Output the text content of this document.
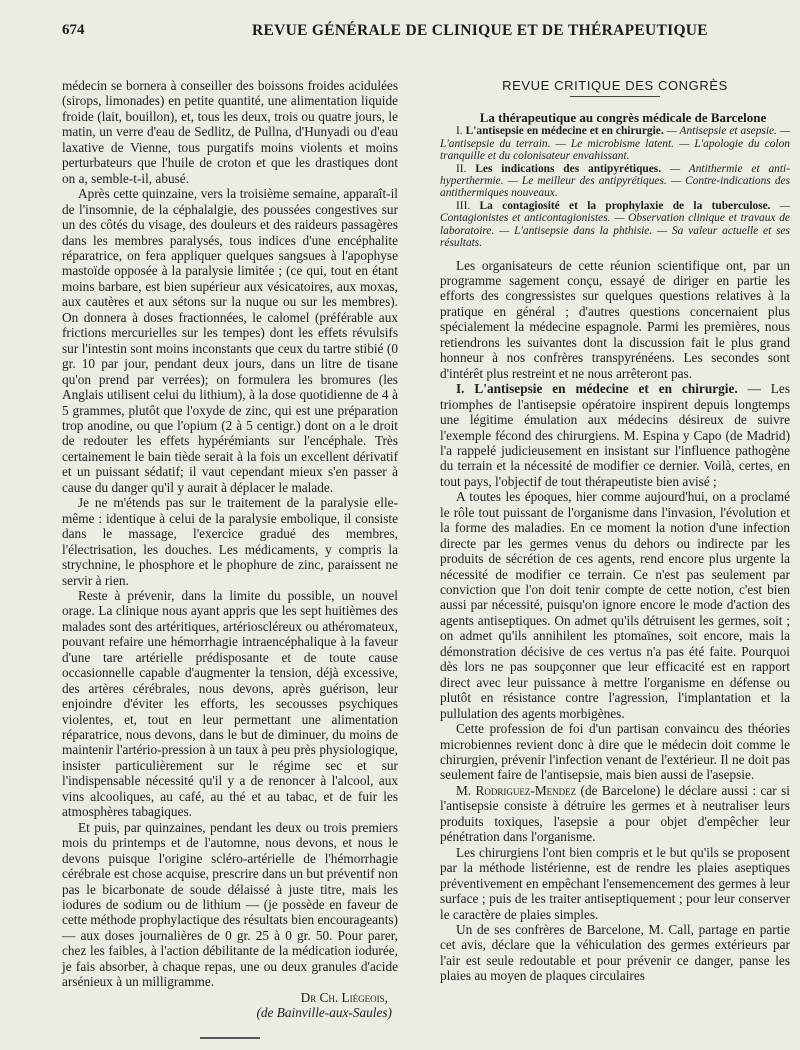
674	REVUE GÉNÉRALE DE CLINIQUE ET DE THÉRAPEUTIQUE

médecin se bornera à conseiller des boissons froides acidulées (sirops, limonades) en petite quantité, une alimentation liquide froide (lait, bouillon), et, tous les deux, trois ou quatre jours, le matin, un verre d'eau de Sedlitz, de Pullna, d'Hunyadi ou d'eau laxative de Vienne, tous purgatifs moins violents et moins perturbateurs que l'huile de croton et que les drastiques dont on a, semble-t-il, abusé.

Après cette quinzaine, vers la troisième semaine, apparaît-il de l'insomnie, de la céphalalgie, des poussées congestives sur un des côtés du visage, des douleurs et des raideurs passagères dans les membres paralysés, tous indices d'une encéphalite réparatrice, on fera appliquer quelques sangsues à l'apophyse mastoïde opposée à la paralysie limitée ; (ce qui, tout en étant moins barbare, est bien supérieur aux vésicatoires, aux moxas, aux cautères et aux sétons sur la nuque ou sur les membres). On donnera à doses fractionnées, le calomel (préférable aux frictions mercurielles sur les tempes) dont les effets révulsifs sur l'intestin sont moins inconstants que ceux du tartre stibié (0 gr. 10 par jour, pendant deux jours, dans un litre de tisane qu'on prend par verrées); on formulera les bromures (les Anglais utilisent celui du lithium), à la dose quotidienne de 4 à 5 grammes, plutôt que l'oxyde de zinc, qui est une préparation trop anodine, ou que l'opium (2 à 5 centigr.) dont on a le droit de redouter les effets hypérémiants sur l'encéphale. Très certainement le bain tiède serait à la fois un excellent dérivatif et un puissant sédatif; il vaut cependant mieux s'en passer à cause du danger qu'il y aurait à déplacer le malade.

Je ne m'étends pas sur le traitement de la paralysie elle-même : identique à celui de la paralysie embolique, il consiste dans le massage, l'exercice gradué des membres, l'électrisation, les douches. Les médicaments, y compris la strychnine, le phosphore et le phophure de zinc, paraissent ne servir à rien.

Reste à prévenir, dans la limite du possible, un nouvel orage. La clinique nous ayant appris que les sept huitièmes des malades sont des artéritiques, artérioscléreux ou athéromateux, pouvant refaire une hémorrhagie intraencéphalique à la faveur d'une tare artérielle prédisposante et de toute cause occasionnelle capable d'augmenter la tension, déjà excessive, des artères cérébrales, nous devons, après guérison, leur enjoindre d'éviter les efforts, les secousses psychiques violentes, et, tout en leur permettant une alimentation réparatrice, nous devons, dans le but de diminuer, du moins de maintenir l'artério-pression à un taux à peu près physiologique, insister particulièrement sur le régime sec et sur l'indispensable nécessité qu'il y a de renoncer à l'alcool, aux vins alcooliques, au café, au thé et au tabac, et de fuir les atmosphères tabagiques.

Et puis, par quinzaines, pendant les deux ou trois premiers mois du printemps et de l'automne, nous devons, et nous le devons puisque l'origine scléro-artérielle de l'hémorrhagie cérébrale est chose acquise, prescrire dans un but préventif non pas le bicarbonate de soude délaissé à juste titre, mais les iodures de sodium ou de lithium — (je possède en faveur de cette méthode prophylactique des résultats bien encourageants) — aux doses journalières de 0 gr. 25 à 0 gr. 50. Pour parer, chez les faibles, à l'action débilitante de la médication iodurée, je fais absorber, à chaque repas, une ou deux granules d'acide arsénieux à un milligramme.

Dr Ch. Liégeois,

(de Bainville-aux-Saules)

REVUE CRITIQUE DES CONGRÈS

La thérapeutique au congrès médicale de Barcelone

I. L'antisepsie en médecine et en chirurgie. — Antisepsie et asepsie. — L'antisepsie du terrain. — Le microbisme latent. — L'apologie du colon tranquille et du colonisateur envahissant.

II. Les indications des antipyrétiques. — Antithermie et anti-hyperthermie. — Le meilleur des antipyrétiques. — Contre-indications des antithermiques nouveaux.

III. La contagiosité et la prophylaxie de la tuberculose. — Contagionistes et anticontagionistes. — Observation clinique et travaux de laboratoire. — L'antisepsie dans la phthisie. — Sa valeur actuelle et ses résultats.

Les organisateurs de cette réunion scientifique ont, par un programme sagement conçu, essayé de diriger en partie les efforts des congressistes sur quelques questions relatives à la pratique en général ; d'autres questions concernaient plus spécialement la médecine espagnole. Parmi les premières, nous retiendrons les suivantes dont la discussion fait le plus grand honneur à nos confrères transpyrénéens. Les secondes sont d'intérêt plus restreint et ne nous arrêteront pas.

I. L'antisepsie en médecine et en chirurgie. — Les triomphes de l'antisepsie opératoire inspirent depuis longtemps une légitime émulation aux médecins désireux de suivre l'exemple fécond des chirurgiens. M. Espina y Capo (de Madrid) l'a rappelé judicieusement en insistant sur l'influence pathogène du terrain et la nécessité de modifier ce dernier. Voilà, certes, en tout pays, l'objectif de tout thérapeutiste bien avisé ;

A toutes les époques, hier comme aujourd'hui, on a proclamé le rôle tout puissant de l'organisme dans l'invasion, l'évolution et la forme des maladies. En ce moment la notion d'une infection directe par les germes venus du dehors ou indirecte par les produits de sécrétion de ces agents, rend encore plus urgente la nécessité de modifier ce terrain. Ce n'est pas seulement par conviction que l'on doit tenir compte de cette notion, c'est bien aussi par nécessité, puisqu'on ignore encore le mode d'action des agents antiseptiques. On admet qu'ils détruisent les germes, soit ; on admet qu'ils annihilent les ptomaïnes, soit encore, mais la démonstration décisive de ces vertus n'a pas été faite. Pourquoi dès lors ne pas soupçonner que leur efficacité est en rapport direct avec leur puissance à mettre l'organisme en défense ou plutôt en résistance contre l'agression, l'implantation et la pullulation des agents morbigènes.

Cette profession de foi d'un partisan convaincu des théories microbiennes revient donc à dire que le médecin doit comme le chirurgien, prévenir l'infection venant de l'extérieur. Il ne doit pas seulement faire de l'antisepsie, mais bien aussi de l'asepsie.

M. Rodriguez-Mendez (de Barcelone) le déclare aussi : car si l'antisepsie consiste à détruire les germes et à neutraliser leurs produits toxiques, l'asepsie a pour objet d'empêcher leur pénétration dans l'organisme.

Les chirurgiens l'ont bien compris et le but qu'ils se proposent par la méthode listérienne, est de rendre les plaies aseptiques préventivement en empêchant l'ensemencement des germes à leur surface ; puis de les traiter antiseptiquement ; pour leur conserver le caractère de plaies simples.

Un de ses confrères de Barcelone, M. Call, partage en partie cet avis, déclare que la véhiculation des germes extérieurs par l'air est seule redoutable et pour prévenir ce danger, panse les plaies au moyen de plaques circulaires
